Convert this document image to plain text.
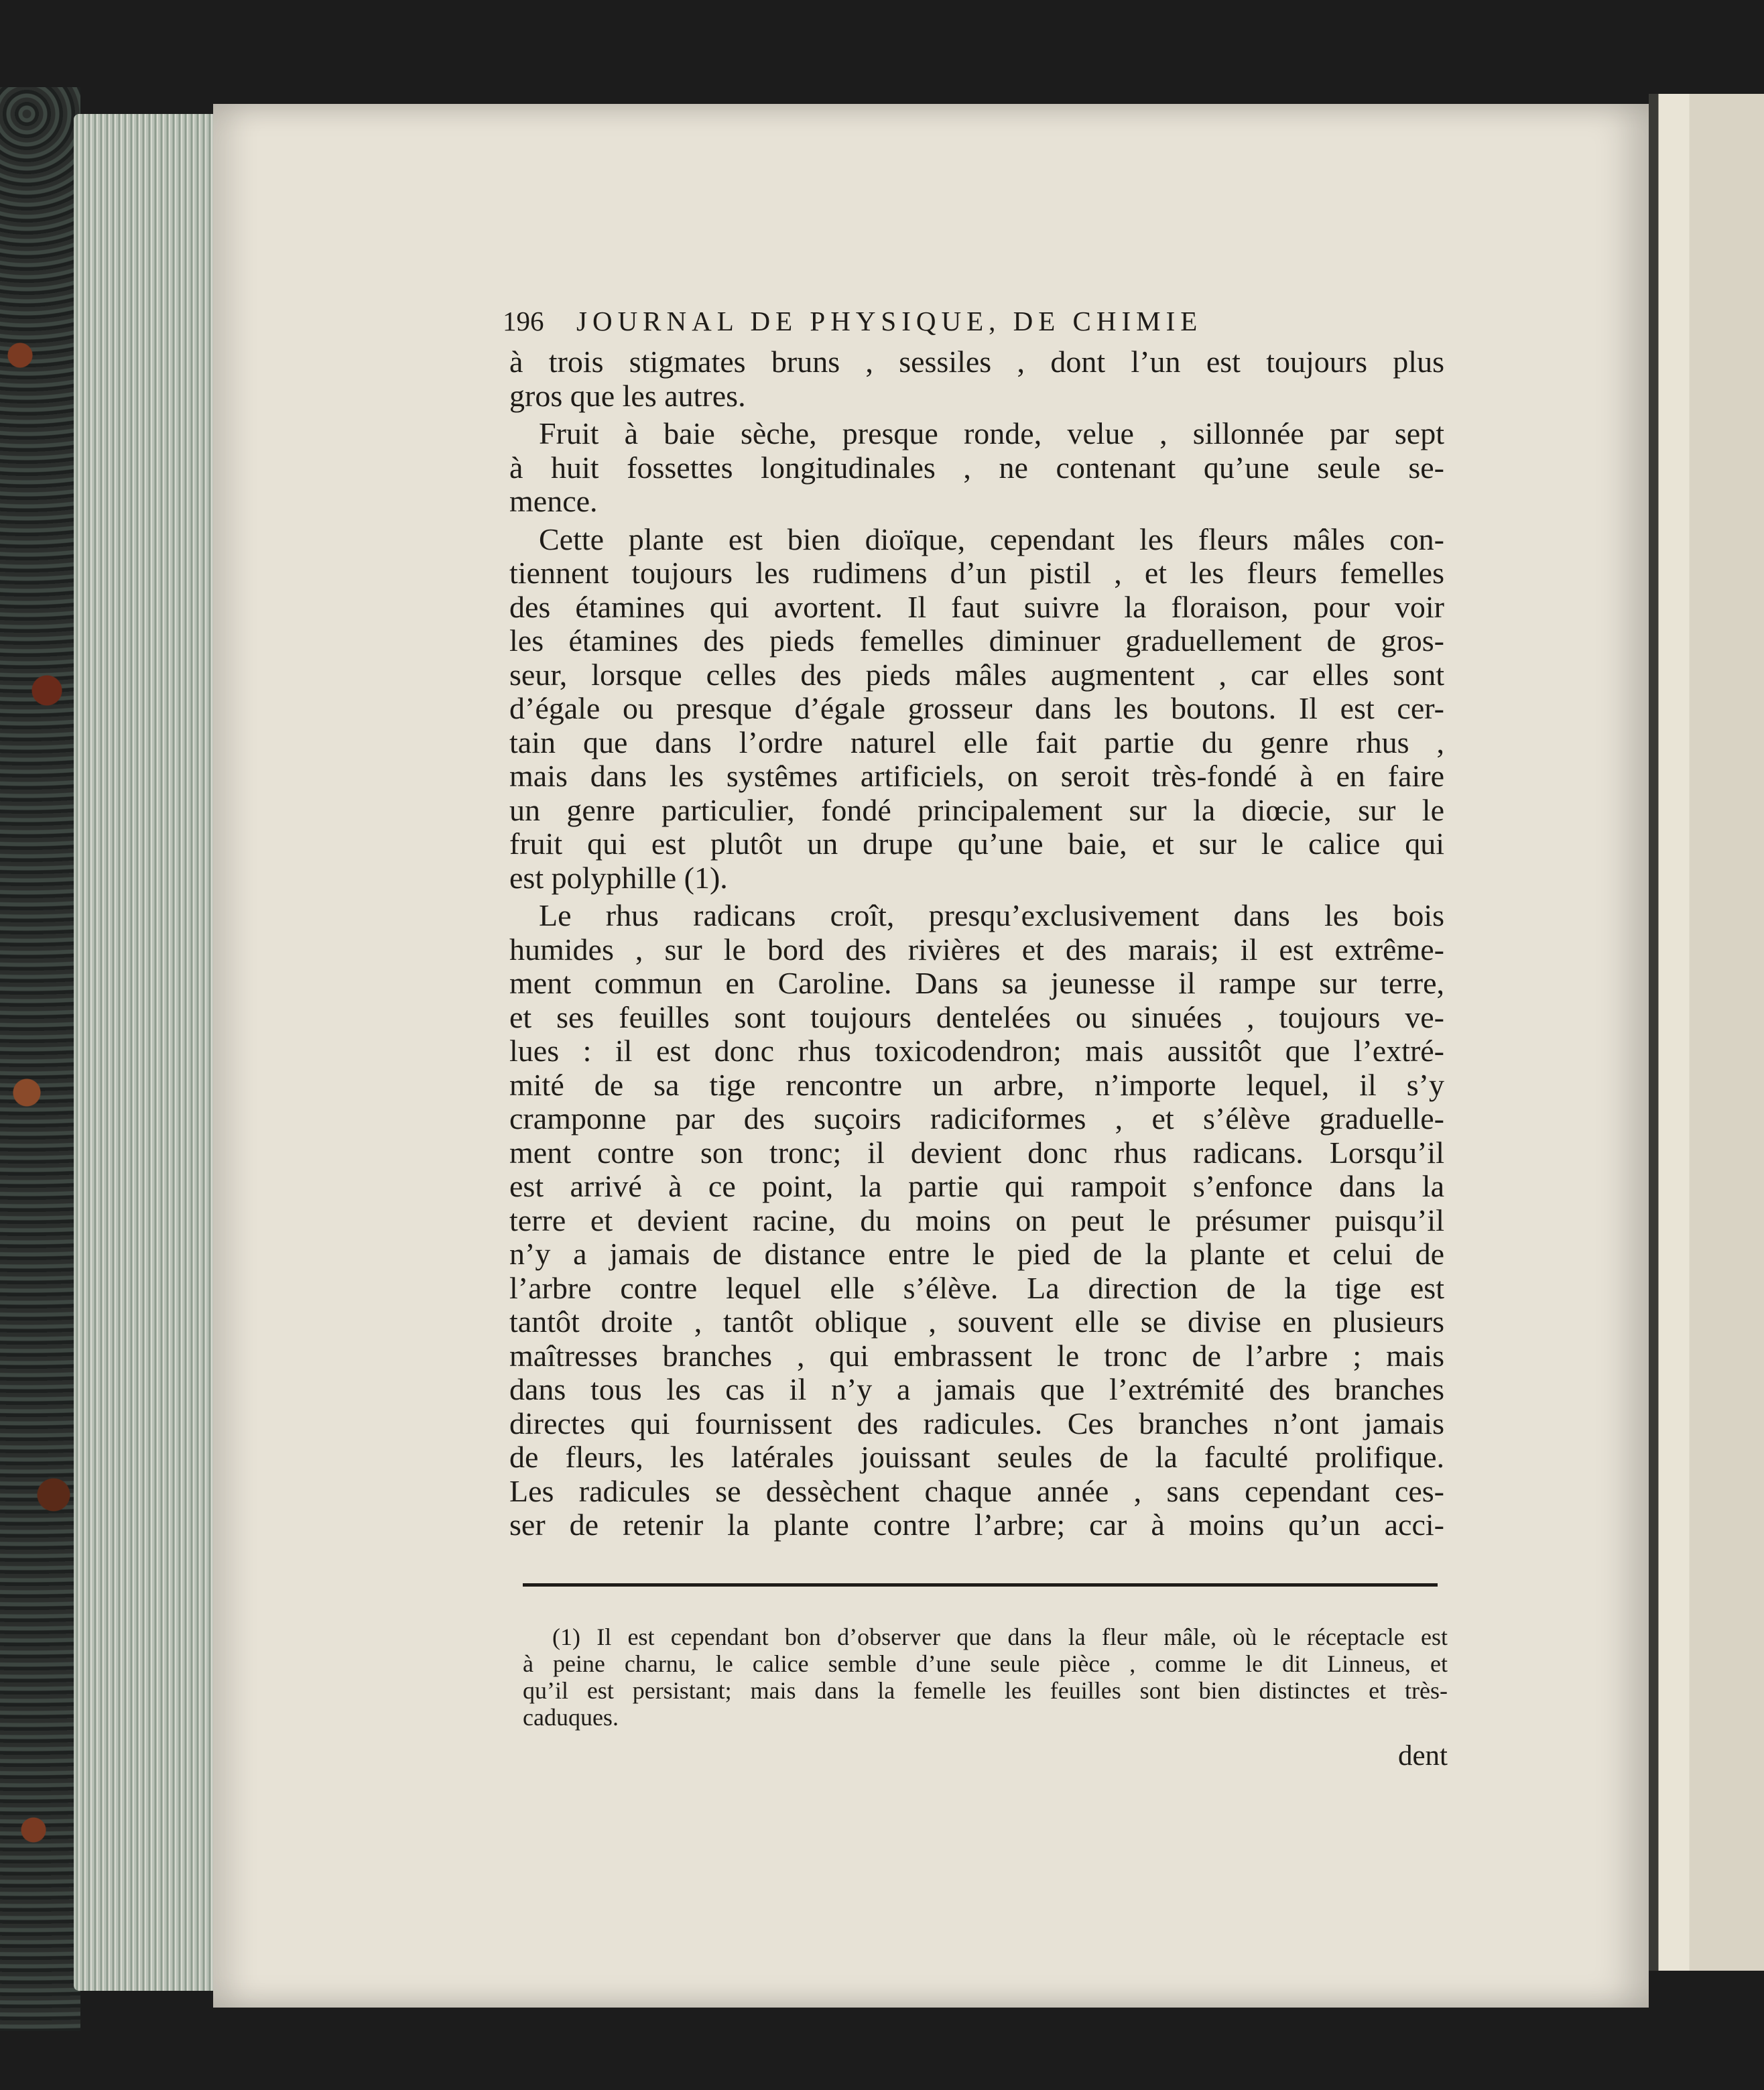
196	JOURNAL DE PHYSIQUE, DE CHIMIE
à trois stigmates bruns , sessiles , dont l’un est toujours plus
gros que les autres.
Fruit à baie sèche, presque ronde, velue , sillonnée par sept
à huit fossettes longitudinales , ne contenant qu’une seule se-
mence.
Cette plante est bien dioïque, cependant les fleurs mâles con-
tiennent toujours les rudimens d’un pistil , et les fleurs femelles
des étamines qui avortent. Il faut suivre la floraison, pour voir
les étamines des pieds femelles diminuer graduellement de gros-
seur, lorsque celles des pieds mâles augmentent , car elles sont
d’égale ou presque d’égale grosseur dans les boutons. Il est cer-
tain que dans l’ordre naturel elle fait partie du genre rhus ,
mais dans les systêmes artificiels, on seroit très-fondé à en faire
un genre particulier, fondé principalement sur la diœcie, sur le
fruit qui est plutôt un drupe qu’une baie, et sur le calice qui
est polyphille (1).
Le rhus radicans croît, presqu’exclusivement dans les bois
humides , sur le bord des rivières et des marais; il est extrême-
ment commun en Caroline. Dans sa jeunesse il rampe sur terre,
et ses feuilles sont toujours dentelées ou sinuées , toujours ve-
lues : il est donc rhus toxicodendron; mais aussitôt que l’extré-
mité de sa tige rencontre un arbre, n’importe lequel, il s’y
cramponne par des suçoirs radiciformes , et s’élève graduelle-
ment contre son tronc; il devient donc rhus radicans. Lorsqu’il
est arrivé à ce point, la partie qui rampoit s’enfonce dans la
terre et devient racine, du moins on peut le présumer puisqu’il
n’y a jamais de distance entre le pied de la plante et celui de
l’arbre contre lequel elle s’élève. La direction de la tige est
tantôt droite , tantôt oblique , souvent elle se divise en plusieurs
maîtresses branches , qui embrassent le tronc de l’arbre ; mais
dans tous les cas il n’y a jamais que l’extrémité des branches
directes qui fournissent des radicules. Ces branches n’ont jamais
de fleurs, les latérales jouissant seules de la faculté prolifique.
Les radicules se dessèchent chaque année , sans cependant ces-
ser de retenir la plante contre l’arbre; car à moins qu’un acci-
(1) Il est cependant bon d’observer que dans la fleur mâle, où le réceptacle est
à peine charnu, le calice semble d’une seule pièce , comme le dit Linneus, et
qu’il est persistant; mais dans la femelle les feuilles sont bien distinctes et très-
caduques.
dent
